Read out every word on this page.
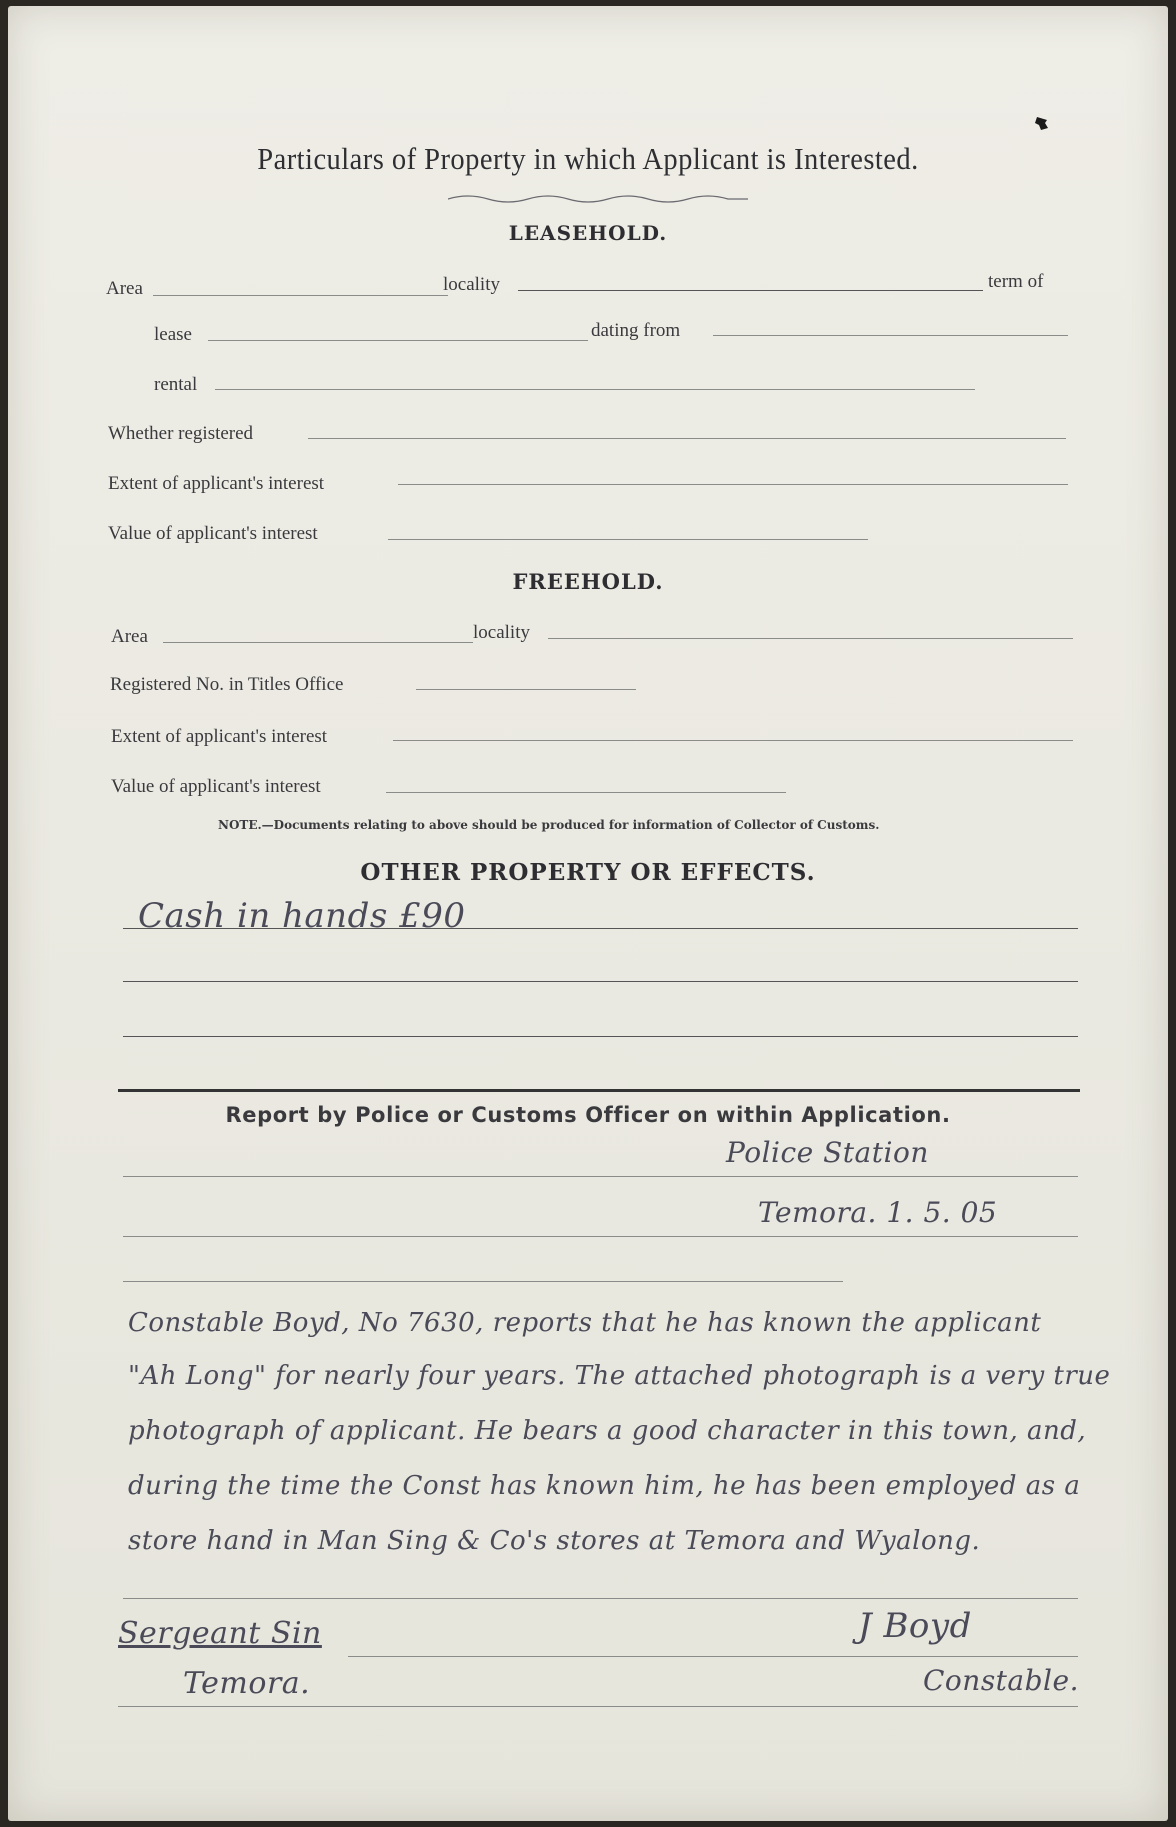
Particulars of Property in which Applicant is Interested.
LEASEHOLD.
Area	locality	term of
lease	dating from
rental
Whether registered
Extent of applicant's interest
Value of applicant's interest
FREEHOLD.
Area	locality
Registered No. in Titles Office
Extent of applicant's interest
Value of applicant's interest
NOTE.—Documents relating to above should be produced for information of Collector of Customs.
OTHER PROPERTY OR EFFECTS.
Cash in hands £90
Report by Police or Customs Officer on within Application.
Police Station
Temora. 1. 5. 05
Constable Boyd, No 7630, reports that he has known the applicant
"Ah Long" for nearly four years. The attached photograph is a very true
photograph of applicant. He bears a good character in this town, and,
during the time the Const has known him, he has been employed as a
store hand in Man Sing & Co's stores at Temora and Wyalong.
Sergeant Sin
Temora.
J Boyd
Constable.
